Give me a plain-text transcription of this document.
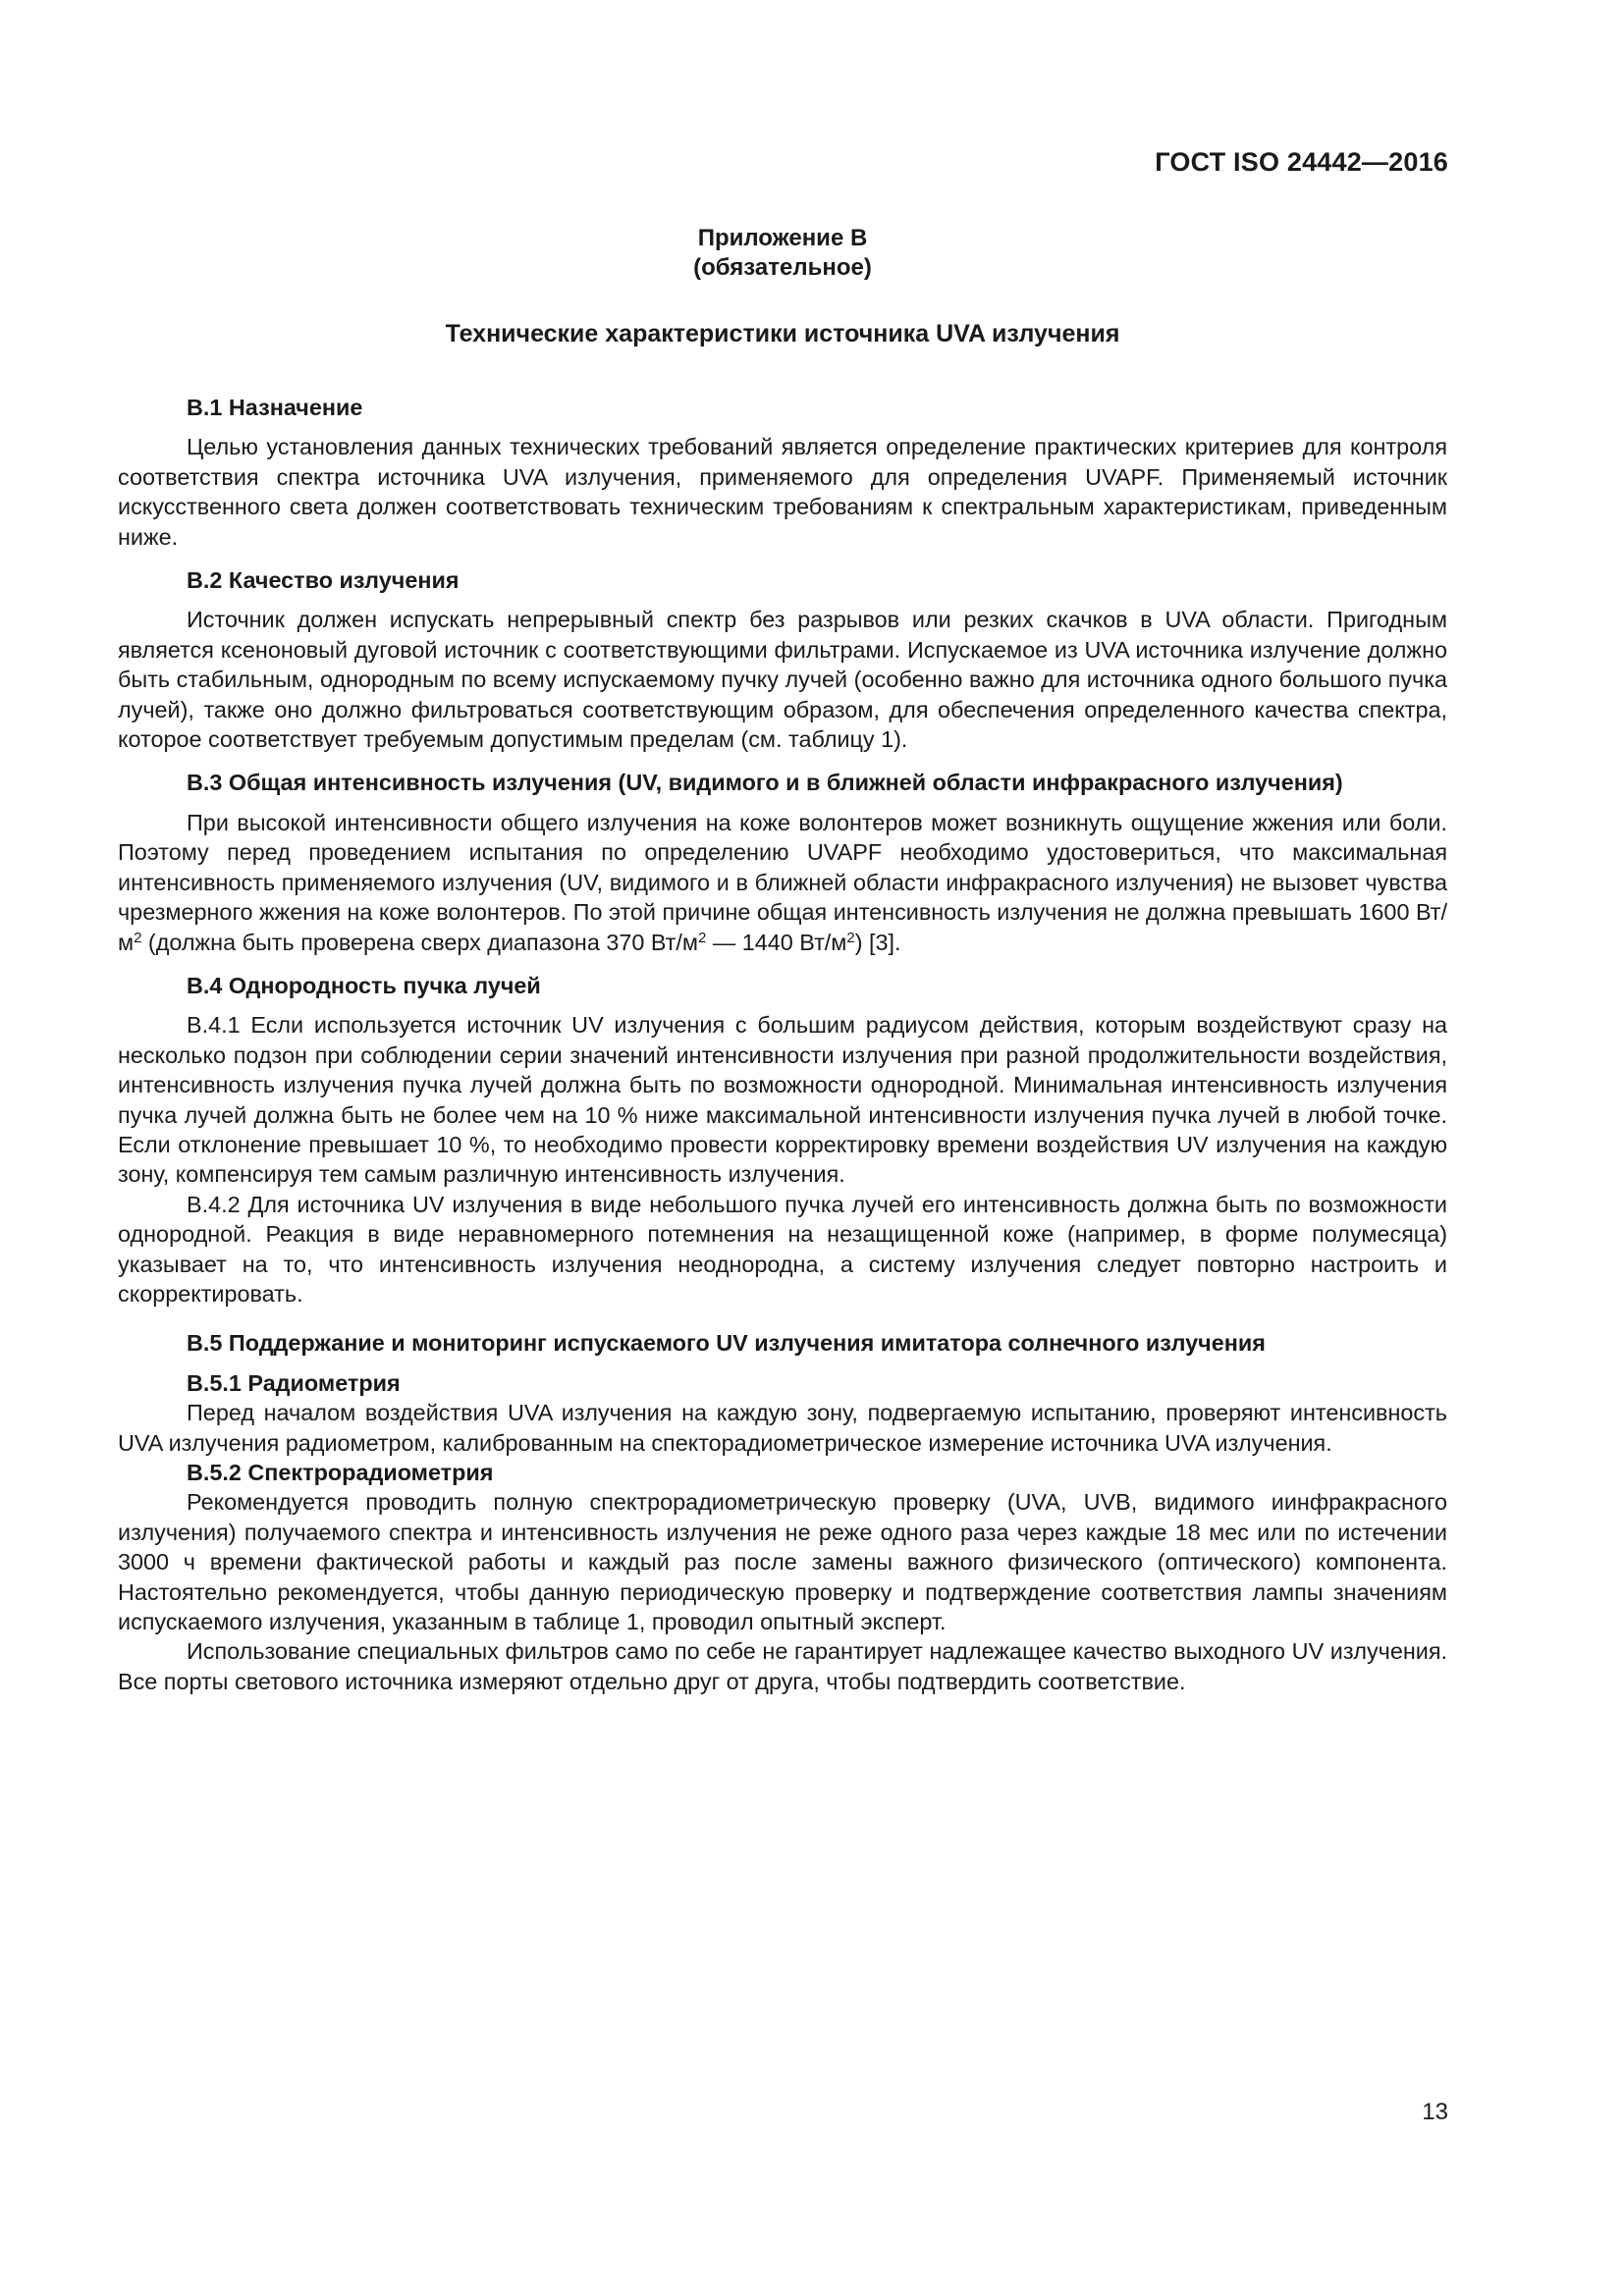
ГОСТ ISO 24442—2016
Приложение В
(обязательное)
Технические характеристики источника UVA излучения

В.1 Назначение

Целью установления данных технических требований является определение практических критериев для контроля соответствия спектра источника UVA излучения, применяемого для определения UVAPF. Применяемый источник искусственного света должен соответствовать техническим требованиям к спектральным характеристикам, приведенным ниже.

В.2 Качество излучения

Источник должен испускать непрерывный спектр без разрывов или резких скачков в UVA области. Пригодным является ксеноновый дуговой источник с соответствующими фильтрами. Испускаемое из UVA источника излучение должно быть стабильным, однородным по всему испускаемому пучку лучей (особенно важно для источника одного большого пучка лучей), также оно должно фильтроваться соответствующим образом, для обеспечения определенного качества спектра, которое соответствует требуемым допустимым пределам (см. таблицу 1).

В.3 Общая интенсивность излучения (UV, видимого и в ближней области инфракрасного излучения)

При высокой интенсивности общего излучения на коже волонтеров может возникнуть ощущение жжения или боли. Поэтому перед проведением испытания по определению UVAPF необходимо удостовериться, что максимальная интенсивность применяемого излучения (UV, видимого и в ближней области инфракрасного излучения) не вызовет чувства чрезмерного жжения на коже волонтеров. По этой причине общая интенсивность излучения не должна превышать 1600 $Вт/м^2$ (должна быть проверена сверх диапазона 370 $Вт/м^2$ — 1440 $Вт/м^2$) [3].

В.4 Однородность пучка лучей

В.4.1 Если используется источник UV излучения с большим радиусом действия, которым воздействуют сразу на несколько подзон при соблюдении серии значений интенсивности излучения при разной продолжительности воздействия, интенсивность излучения пучка лучей должна быть по возможности однородной. Минимальная интенсивность излучения пучка лучей должна быть не более чем на 10 % ниже максимальной интенсивности излучения пучка лучей в любой точке. Если отклонение превышает 10 %, то необходимо провести корректировку времени воздействия UV излучения на каждую зону, компенсируя тем самым различную интенсивность излучения.

В.4.2 Для источника UV излучения в виде небольшого пучка лучей его интенсивность должна быть по возможности однородной. Реакция в виде неравномерного потемнения на незащищенной коже (например, в форме полумесяца) указывает на то, что интенсивность излучения неоднородна, а систему излучения следует повторно настроить и скорректировать.

В.5 Поддержание и мониторинг испускаемого UV излучения имитатора солнечного излучения

В.5.1 Радиометрия

Перед началом воздействия UVA излучения на каждую зону, подвергаемую испытанию, проверяют интенсивность UVA излучения радиометром, калиброванным на спекторадиометрическое измерение источника UVA излучения.

В.5.2 Спектрорадиометрия

Рекомендуется проводить полную спектрорадиометрическую проверку (UVA, UVB, видимого иинфракрасного излучения) получаемого спектра и интенсивность излучения не реже одного раза через каждые 18 мес или по истечении 3000 ч времени фактической работы и каждый раз после замены важного физического (оптического) компонента. Настоятельно рекомендуется, чтобы данную периодическую проверку и подтверждение соответствия лампы значениям испускаемого излучения, указанным в таблице 1, проводил опытный эксперт.

Использование специальных фильтров само по себе не гарантирует надлежащее качество выходного UV излучения. Все порты светового источника измеряют отдельно друг от друга, чтобы подтвердить соответствие.

13
